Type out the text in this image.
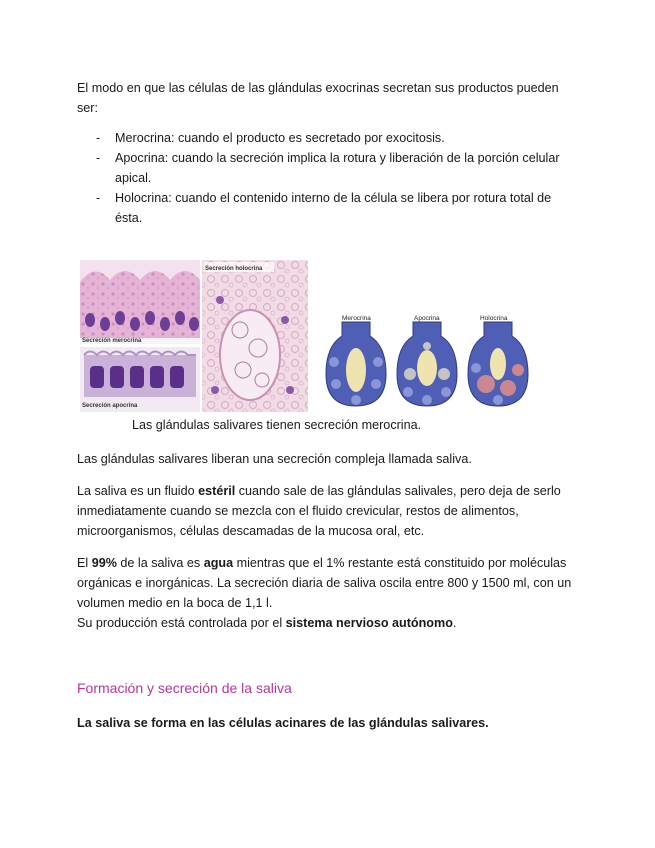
El modo en que las células de las glándulas exocrinas secretan sus productos pueden ser:

- Merocrina: cuando el producto es secretado por exocitosis.
- Apocrina: cuando la secreción implica la rotura y liberación de la porción celular apical.
- Holocrina: cuando el contenido interno de la célula se libera por rotura total de ésta.
Secreción merocrina
Secreción apocrina
Secreción holocrina
Merocrina	Apocrina	Holocrina

Las glándulas salivares tienen secreción merocrina.

Las glándulas salivares liberan una secreción compleja llamada saliva.

La saliva es un fluido estéril cuando sale de las glándulas salivales, pero deja de serlo inmediatamente cuando se mezcla con el fluido crevicular, restos de alimentos, microorganismos, células descamadas de la mucosa oral, etc.

El 99% de la saliva es agua mientras que el 1% restante está constituido por moléculas orgánicas e inorgánicas. La secreción diaria de saliva oscila entre 800 y 1500 ml, con un volumen medio en la boca de 1,1 l.

Su producción está controlada por el sistema nervioso autónomo.

Formación y secreción de la saliva

La saliva se forma en las células acinares de las glándulas salivares.
